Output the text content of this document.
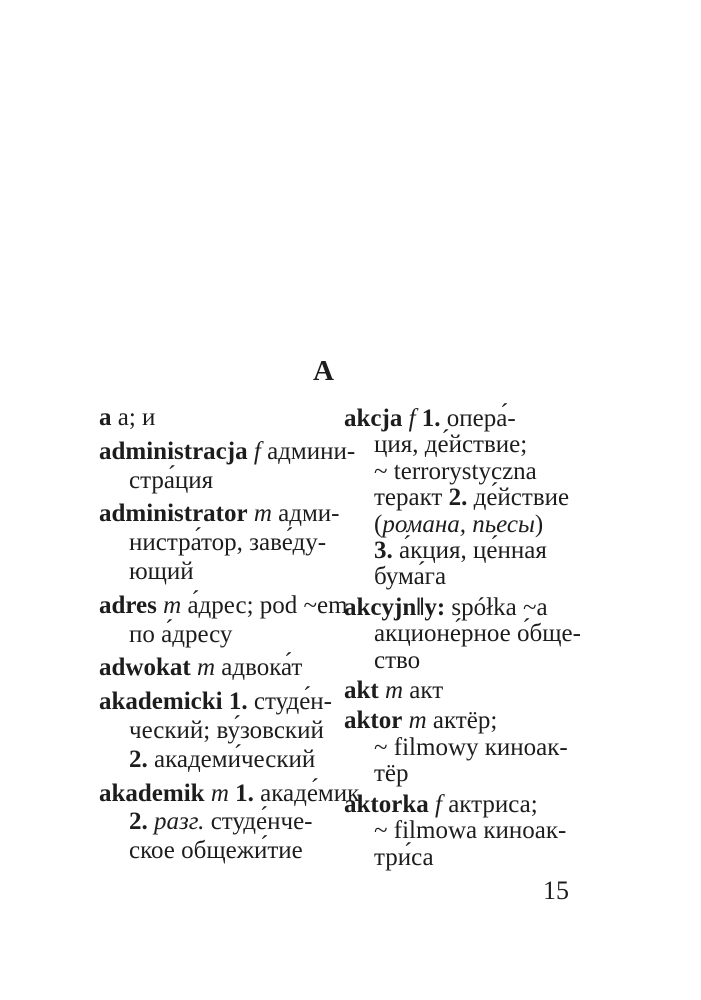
A
a а; и
administracja f админи-
стра́ция
administrator m адми-
нистра́тор, заве́ду-
ющий
adres m а́дрес; pod ~em
по а́дресу
adwokat m адвока́т
akademicki 1. студе́н-
ческий; ву́зовский
2. академи́ческий
akademik m 1. акаде́мик
2. разг. студе́нче-
ское общежи́тие
akcja f 1. опера́-
ция, де́йствие;
~ terrorystyczna
теракт 2. де́йствие
(романа, пьесы)
3. а́кция, це́нная
бума́га
akcyjn‖y: spółka ~a
акционе́рное о́бще-
ство
akt m акт
aktor m актёр;
~ filmowy киноак-
тёр
aktorka f актриса;
~ filmowa киноак-
три́са
15
